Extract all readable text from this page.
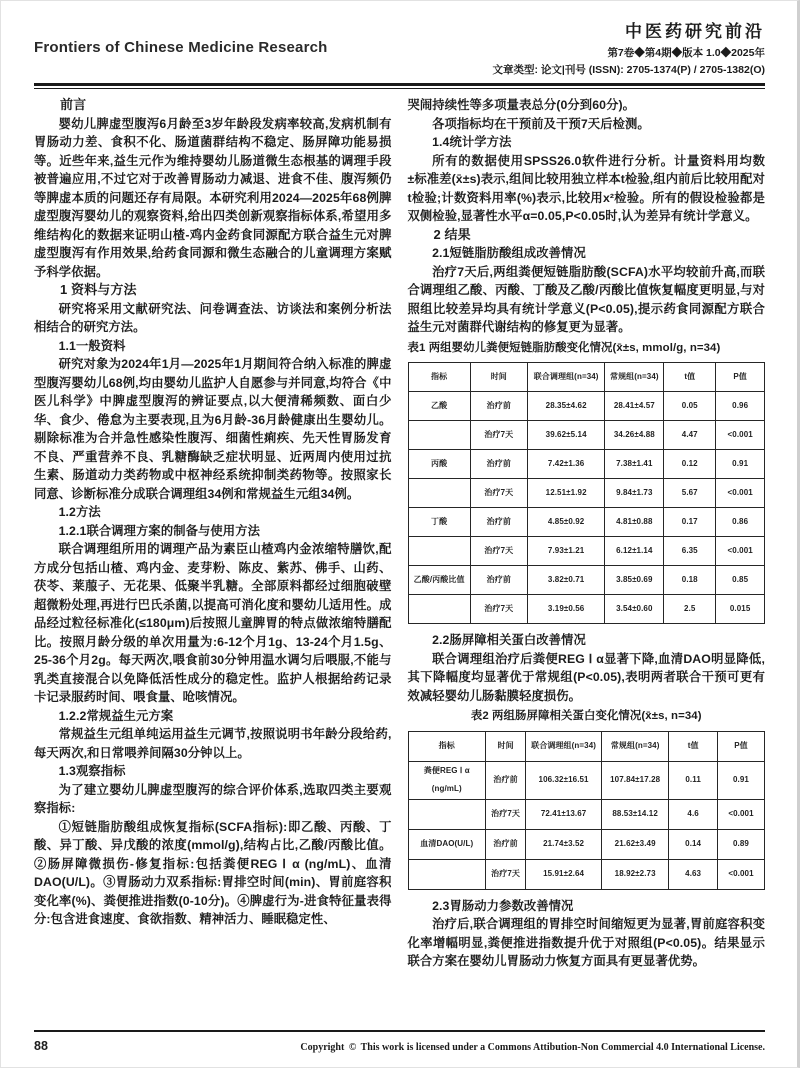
Frontiers of Chinese Medicine Research
中医药研究前沿
第7卷◆第4期◆版本 1.0◆2025年
文章类型: 论文|刊号 (ISSN): 2705-1374(P) / 2705-1382(O)
前言
婴幼儿脾虚型腹泻6月龄至3岁年龄段发病率较高,发病机制有胃肠动力差、食积不化、肠道菌群结构不稳定、肠屏障功能易损等。近些年来,益生元作为维持婴幼儿肠道微生态根基的调理手段被普遍应用,不过它对于改善胃肠动力减退、进食不佳、腹泻频仍等脾虚本质的问题还存有局限。本研究利用2024—2025年68例脾虚型腹泻婴幼儿的观察资料,给出四类创新观察指标体系,希望用多维结构化的数据来证明山楂-鸡内金药食同源配方联合益生元对脾虚型腹泻有作用效果,给药食同源和微生态融合的儿童调理方案赋予科学依据。
1 资料与方法
研究将采用文献研究法、问卷调查法、访谈法和案例分析法相结合的研究方法。
1.1一般资料
研究对象为2024年1月—2025年1月期间符合纳入标准的脾虚型腹泻婴幼儿68例,均由婴幼儿监护人自愿参与并同意,均符合《中医儿科学》中脾虚型腹泻的辨证要点,以大便清稀频数、面白少华、食少、倦怠为主要表现,且为6月龄-36月龄健康出生婴幼儿。剔除标准为合并急性感染性腹泻、细菌性痢疾、先天性胃肠发育不良、严重营养不良、乳糖酶缺乏症状明显、近两周内使用过抗生素、肠道动力类药物或中枢神经系统抑制类药物等。按照家长同意、诊断标准分成联合调理组34例和常规益生元组34例。
1.2方法
1.2.1联合调理方案的制备与使用方法
联合调理组所用的调理产品为素臣山楂鸡内金浓缩特膳饮,配方成分包括山楂、鸡内金、麦芽粉、陈皮、紫苏、佛手、山药、茯苓、莱菔子、无花果、低聚半乳糖。全部原料都经过细胞破壁超微粉处理,再进行巴氏杀菌,以提高可消化度和婴幼儿适用性。成品经过粒径标准化(≤180μm)后按照儿童脾胃的特点做浓缩特膳配比。按照月龄分级的单次用量为:6-12个月1g、13-24个月1.5g、25-36个月2g。每天两次,喂食前30分钟用温水调匀后喂服,不能与乳类直接混合以免降低活性成分的稳定性。监护人根据给药记录卡记录服药时间、喂食量、呛咳情况。
1.2.2常规益生元方案
常规益生元组单纯运用益生元调节,按照说明书年龄分段给药,每天两次,和日常喂养间隔30分钟以上。
1.3观察指标
为了建立婴幼儿脾虚型腹泻的综合评价体系,选取四类主要观察指标:
①短链脂肪酸组成恢复指标(SCFA指标):即乙酸、丙酸、丁酸、异丁酸、异戊酸的浓度(mmol/g),结构占比,乙酸/丙酸比值。②肠屏障微损伤-修复指标:包括粪便REG Ⅰ α (ng/mL)、血清DAO(U/L)。③胃肠动力双系指标:胃排空时间(min)、胃前庭容积变化率(%)、粪便推进指数(0-10分)。④脾虚行为-进食特征量表得分:包含进食速度、食欲指数、精神活力、睡眠稳定性、
哭闹持续性等多项量表总分(0分到60分)。
各项指标均在干预前及干预7天后检测。
1.4统计学方法
所有的数据使用SPSS26.0软件进行分析。计量资料用均数±标准差(x̄±s)表示,组间比较用独立样本t检验,组内前后比较用配对t检验;计数资料用率(%)表示,比较用x²检验。所有的假设检验都是双侧检验,显著性水平α=0.05,P<0.05时,认为差异有统计学意义。
2 结果
2.1短链脂肪酸组成改善情况
治疗7天后,两组粪便短链脂肪酸(SCFA)水平均较前升高,而联合调理组乙酸、丙酸、丁酸及乙酸/丙酸比值恢复幅度更明显,与对照组比较差异均具有统计学意义(P<0.05),提示药食同源配方联合益生元对菌群代谢结构的修复更为显著。
表1 两组婴幼儿粪便短链脂肪酸变化情况(x̄±s, mmol/g, n=34)
指标	时间	联合调理组(n=34)	常规组(n=34)	t值	P值
乙酸	治疗前	28.35±4.62	28.41±4.57	0.05	0.96
	治疗7天	39.62±5.14	34.26±4.88	4.47	<0.001
丙酸	治疗前	7.42±1.36	7.38±1.41	0.12	0.91
	治疗7天	12.51±1.92	9.84±1.73	5.67	<0.001
丁酸	治疗前	4.85±0.92	4.81±0.88	0.17	0.86
	治疗7天	7.93±1.21	6.12±1.14	6.35	<0.001
乙酸/丙酸比值	治疗前	3.82±0.71	3.85±0.69	0.18	0.85
	治疗7天	3.19±0.56	3.54±0.60	2.5	0.015
2.2肠屏障相关蛋白改善情况
联合调理组治疗后粪便REG Ⅰ α显著下降,血清DAO明显降低,其下降幅度均显著优于常规组(P<0.05),表明两者联合干预可更有效减轻婴幼儿肠黏膜轻度损伤。
表2 两组肠屏障相关蛋白变化情况(x̄±s, n=34)
指标	时间	联合调理组(n=34)	常规组(n=34)	t值	P值
粪便REG Ⅰ α (ng/mL)	治疗前	106.32±16.51	107.84±17.28	0.11	0.91
	治疗7天	72.41±13.67	88.53±14.12	4.6	<0.001
血清DAO(U/L)	治疗前	21.74±3.52	21.62±3.49	0.14	0.89
	治疗7天	15.91±2.64	18.92±2.73	4.63	<0.001
2.3胃肠动力参数改善情况
治疗后,联合调理组的胃排空时间缩短更为显著,胃前庭容积变化率增幅明显,粪便推进指数提升优于对照组(P<0.05)。结果显示联合方案在婴幼儿胃肠动力恢复方面具有更显著优势。
88	Copyright © This work is licensed under a Commons Attibution-Non Commercial 4.0 International License.
